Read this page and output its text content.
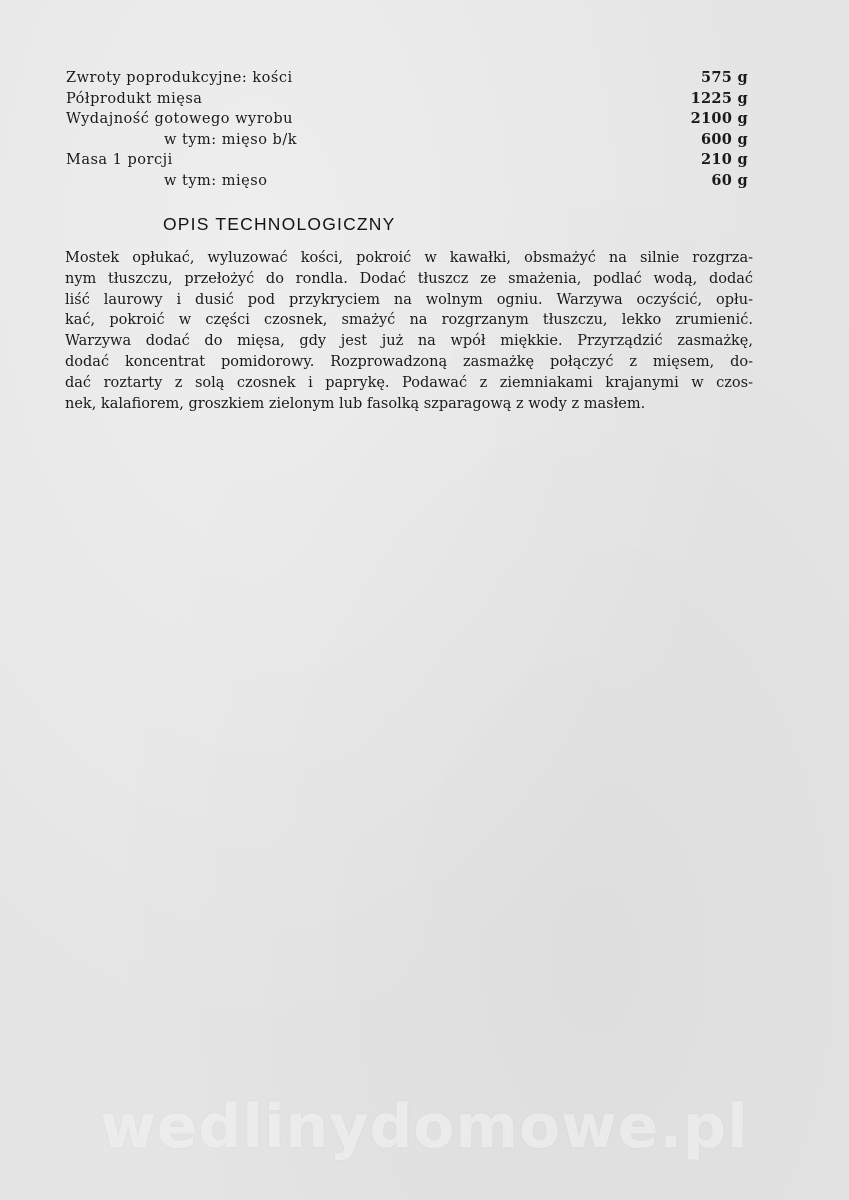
Zwroty poprodukcyjne: kości	575 g
Półprodukt mięsa	1225 g
Wydajność gotowego wyrobu	2100 g
w tym: mięso b/k	600 g
Masa 1 porcji	210 g
w tym: mięso	60 g
OPIS TECHNOLOGICZNY
Mostek opłukać, wyluzować kości, pokroić w kawałki, obsmażyć na silnie rozgrza-
nym tłuszczu, przełożyć do rondla. Dodać tłuszcz ze smażenia, podlać wodą, dodać
liść laurowy i dusić pod przykryciem na wolnym ogniu. Warzywa oczyścić, opłu-
kać, pokroić w części czosnek, smażyć na rozgrzanym tłuszczu, lekko zrumienić.
Warzywa dodać do mięsa, gdy jest już na wpół miękkie. Przyrządzić zasmażkę,
dodać koncentrat pomidorowy. Rozprowadzoną zasmażkę połączyć z mięsem, do-
dać roztarty z solą czosnek i paprykę. Podawać z ziemniakami krajanymi w czos-
nek, kalafiorem, groszkiem zielonym lub fasolką szparagową z wody z masłem.
wedlinydomowe.pl
